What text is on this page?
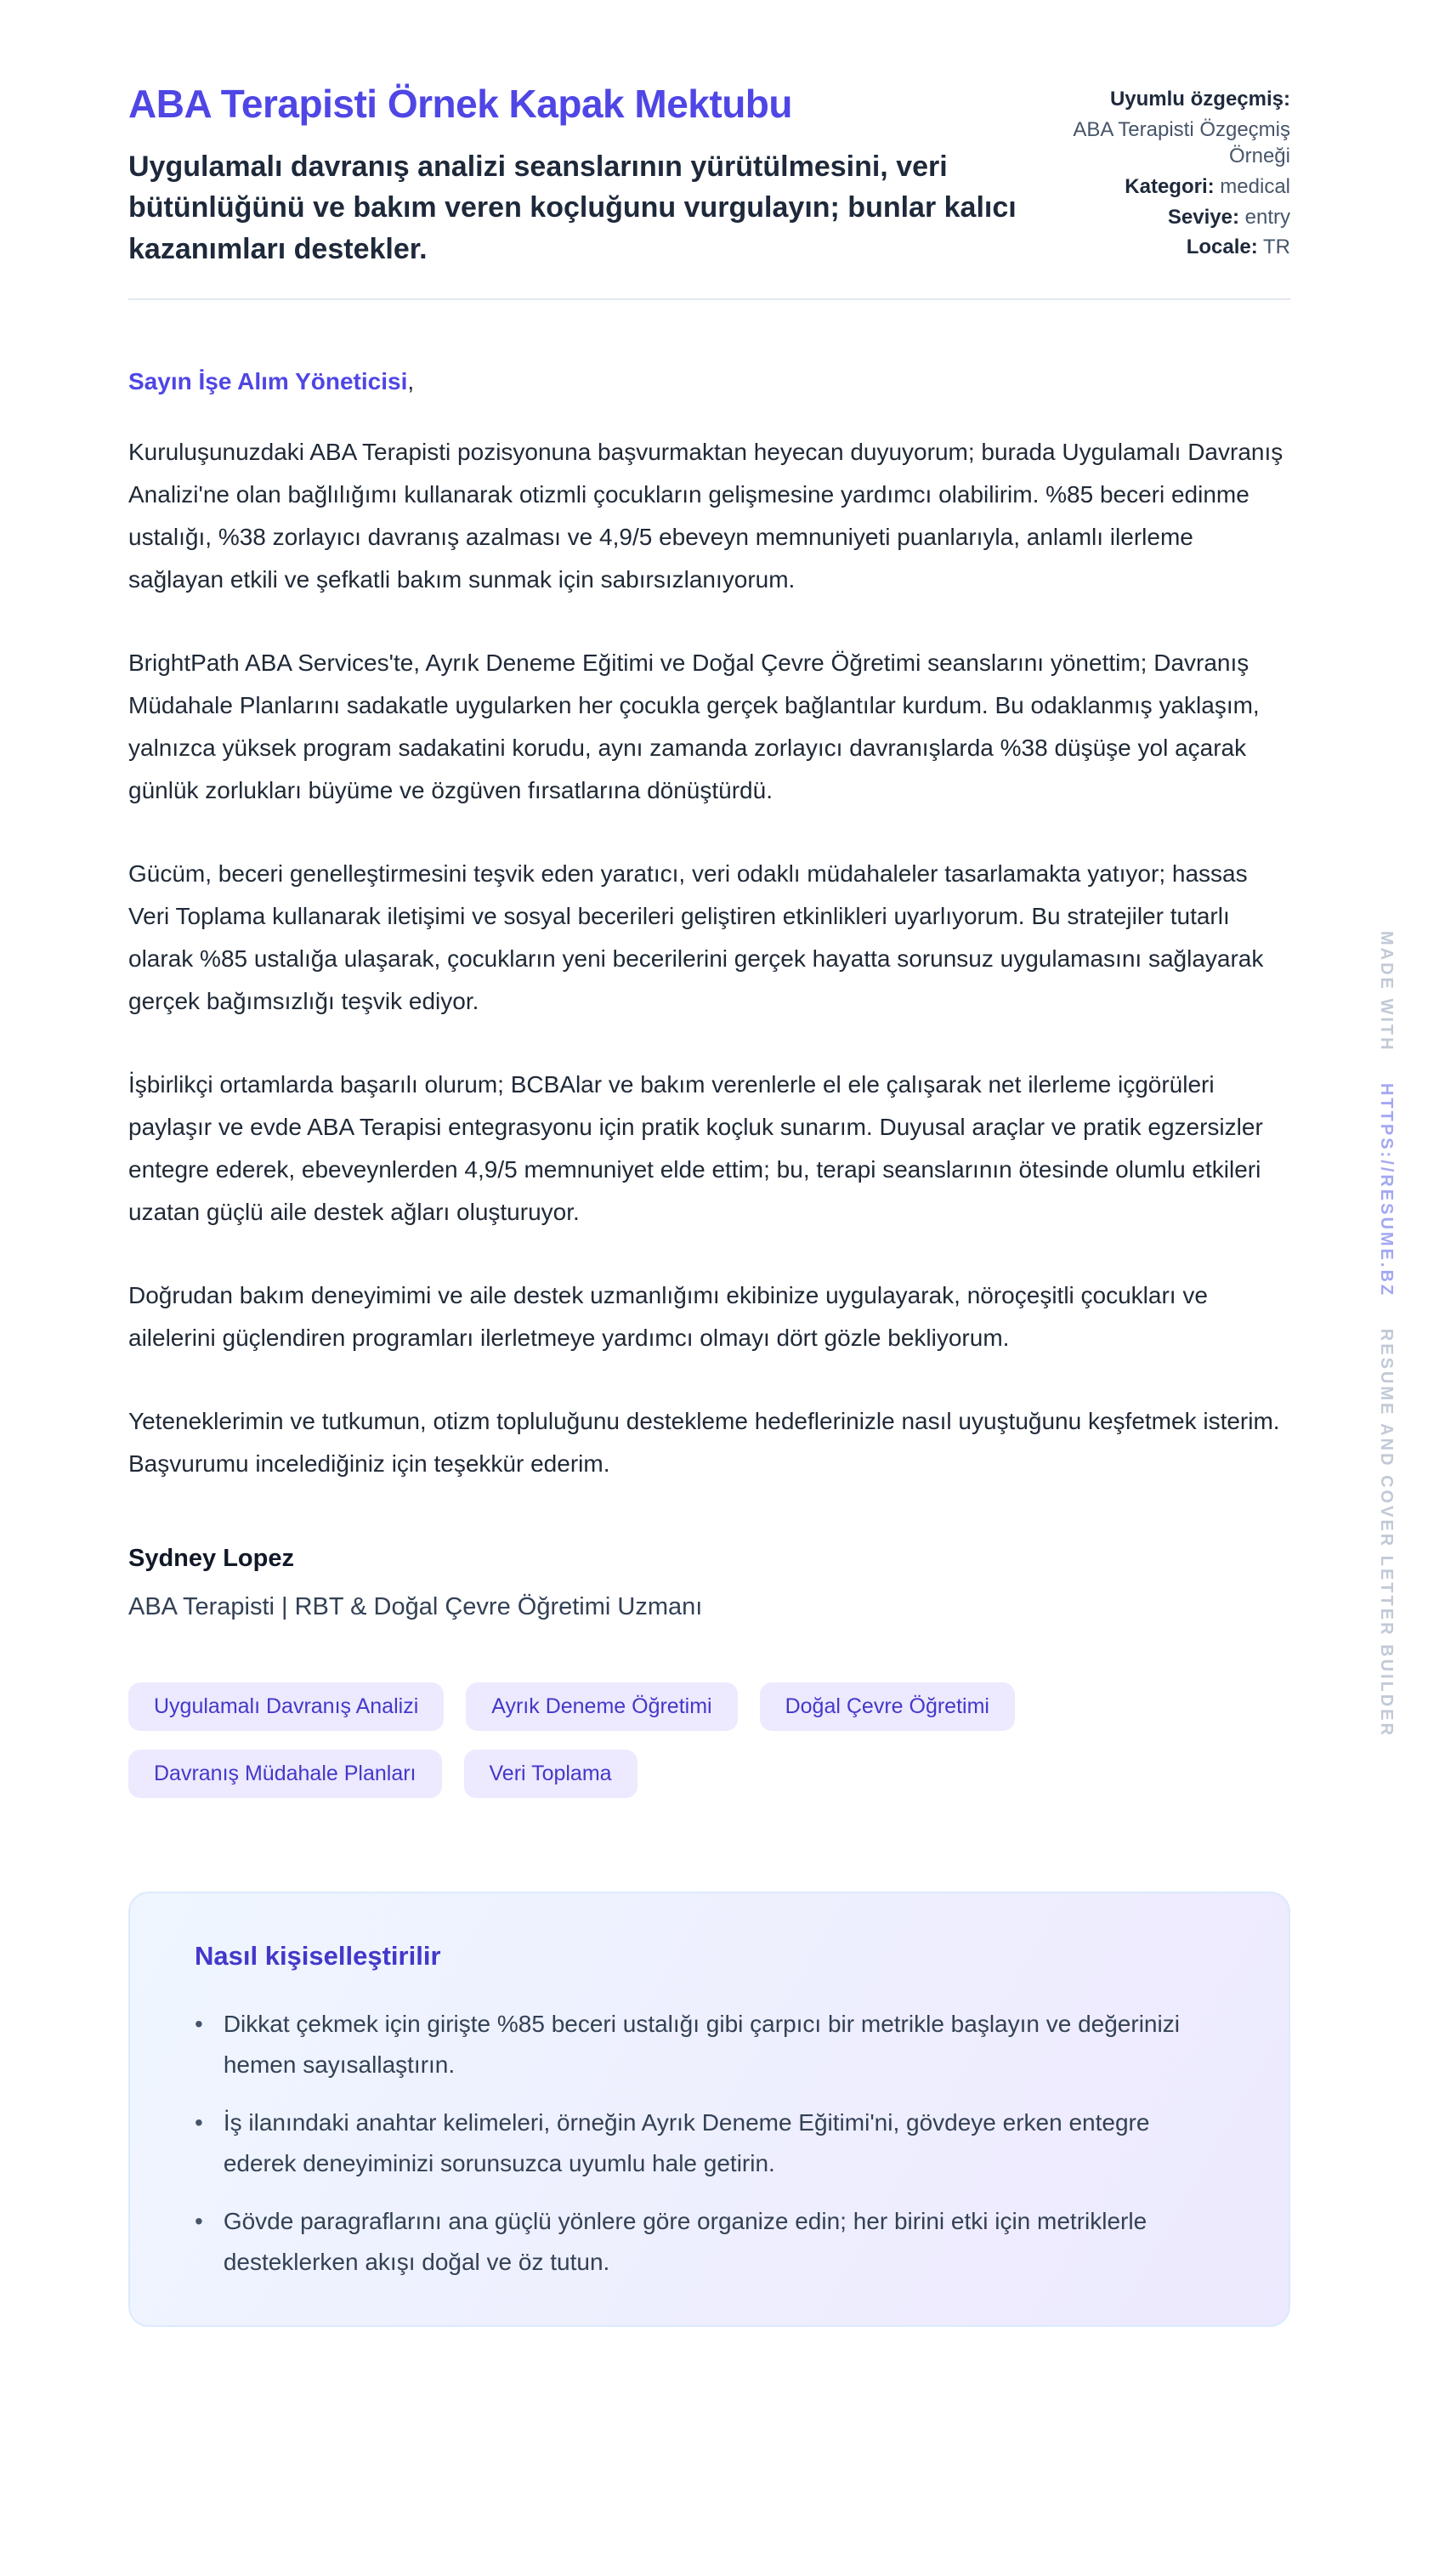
ABA Terapisti Örnek Kapak Mektubu
Uygulamalı davranış analizi seanslarının yürütülmesini, veri bütünlüğünü ve bakım veren koçluğunu vurgulayın; bunlar kalıcı kazanımları destekler.
Uyumlu özgeçmiş:
ABA Terapisti Özgeçmiş Örneği
Kategori: medical
Seviye: entry
Locale: TR
Sayın İşe Alım Yöneticisi,

Kuruluşunuzdaki ABA Terapisti pozisyonuna başvurmaktan heyecan duyuyorum; burada Uygulamalı Davranış Analizi'ne olan bağlılığımı kullanarak otizmli çocukların gelişmesine yardımcı olabilirim. %85 beceri edinme ustalığı, %38 zorlayıcı davranış azalması ve 4,9/5 ebeveyn memnuniyeti puanlarıyla, anlamlı ilerleme sağlayan etkili ve şefkatli bakım sunmak için sabırsızlanıyorum.

BrightPath ABA Services'te, Ayrık Deneme Eğitimi ve Doğal Çevre Öğretimi seanslarını yönettim; Davranış Müdahale Planlarını sadakatle uygularken her çocukla gerçek bağlantılar kurdum. Bu odaklanmış yaklaşım, yalnızca yüksek program sadakatini korudu, aynı zamanda zorlayıcı davranışlarda %38 düşüşe yol açarak günlük zorlukları büyüme ve özgüven fırsatlarına dönüştürdü.

Gücüm, beceri genelleştirmesini teşvik eden yaratıcı, veri odaklı müdahaleler tasarlamakta yatıyor; hassas Veri Toplama kullanarak iletişimi ve sosyal becerileri geliştiren etkinlikleri uyarlıyorum. Bu stratejiler tutarlı olarak %85 ustalığa ulaşarak, çocukların yeni becerilerini gerçek hayatta sorunsuz uygulamasını sağlayarak gerçek bağımsızlığı teşvik ediyor.

İşbirlikçi ortamlarda başarılı olurum; BCBAlar ve bakım verenlerle el ele çalışarak net ilerleme içgörüleri paylaşır ve evde ABA Terapisi entegrasyonu için pratik koçluk sunarım. Duyusal araçlar ve pratik egzersizler entegre ederek, ebeveynlerden 4,9/5 memnuniyet elde ettim; bu, terapi seanslarının ötesinde olumlu etkileri uzatan güçlü aile destek ağları oluşturuyor.

Doğrudan bakım deneyimimi ve aile destek uzmanlığımı ekibinize uygulayarak, nöroçeşitli çocukları ve ailelerini güçlendiren programları ilerletmeye yardımcı olmayı dört gözle bekliyorum.

Yeteneklerimin ve tutkumun, otizm topluluğunu destekleme hedeflerinizle nasıl uyuştuğunu keşfetmek isterim. Başvurumu incelediğiniz için teşekkür ederim.

Sydney Lopez
ABA Terapisti | RBT & Doğal Çevre Öğretimi Uzmanı
Uygulamalı Davranış Analizi	Ayrık Deneme Öğretimi	Doğal Çevre Öğretimi
Davranış Müdahale Planları	Veri Toplama
Nasıl kişiselleştirilir
• Dikkat çekmek için girişte %85 beceri ustalığı gibi çarpıcı bir metrikle başlayın ve değerinizi hemen sayısallaştırın.
• İş ilanındaki anahtar kelimeleri, örneğin Ayrık Deneme Eğitimi'ni, gövdeye erken entegre ederek deneyiminizi sorunsuzca uyumlu hale getirin.
• Gövde paragraflarını ana güçlü yönlere göre organize edin; her birini etki için metriklerle desteklerken akışı doğal ve öz tutun.
MADE WITH HTTPS://RESUME.BZ RESUME AND COVER LETTER BUILDER
